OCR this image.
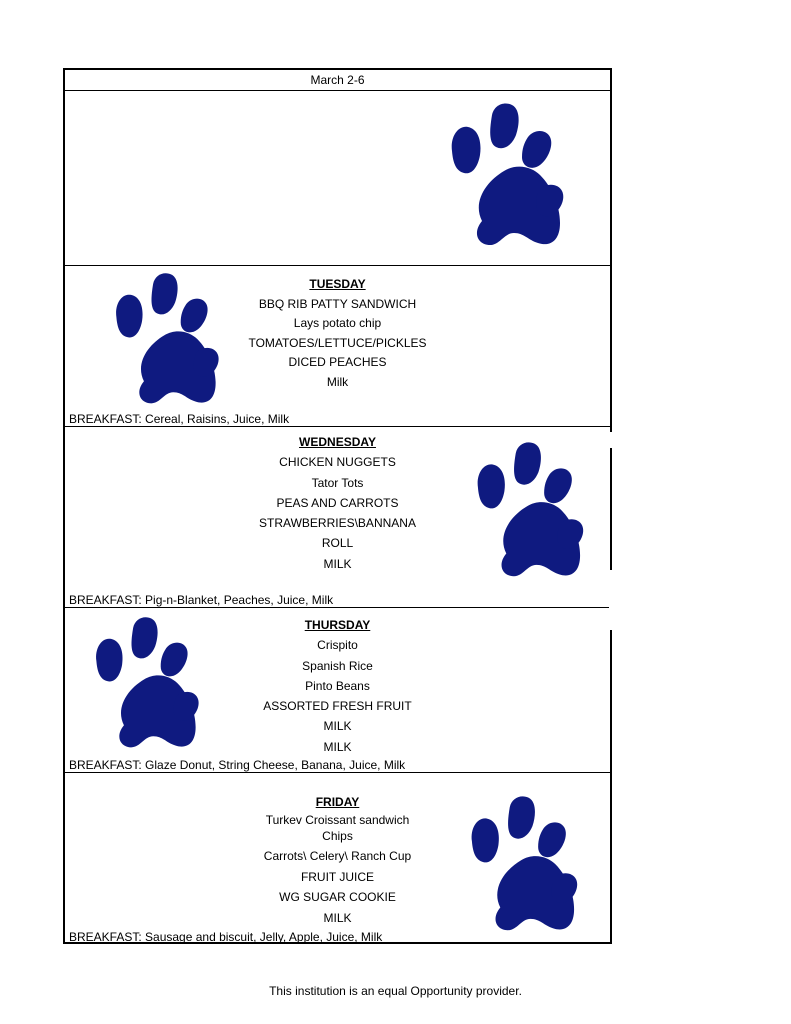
March 2-6
TUESDAY
BBQ RIB PATTY SANDWICH
Lays potato chip
TOMATOES/LETTUCE/PICKLES
DICED PEACHES
Milk
BREAKFAST: Cereal, Raisins, Juice, Milk
WEDNESDAY
CHICKEN NUGGETS
Tator Tots
PEAS AND CARROTS
STRAWBERRIES\BANNANA
ROLL
MILK
BREAKFAST: Pig-n-Blanket, Peaches, Juice, Milk
THURSDAY
Crispito
Spanish Rice
Pinto Beans
ASSORTED FRESH FRUIT
MILK
MILK
BREAKFAST: Glaze Donut, String Cheese, Banana, Juice, Milk
FRIDAY
Turkev Croissant sandwich
Chips
Carrots\ Celery\ Ranch Cup
FRUIT JUICE
WG SUGAR COOKIE
MILK
BREAKFAST: Sausage and biscuit, Jelly, Apple, Juice, Milk
This institution is an equal Opportunity provider.
